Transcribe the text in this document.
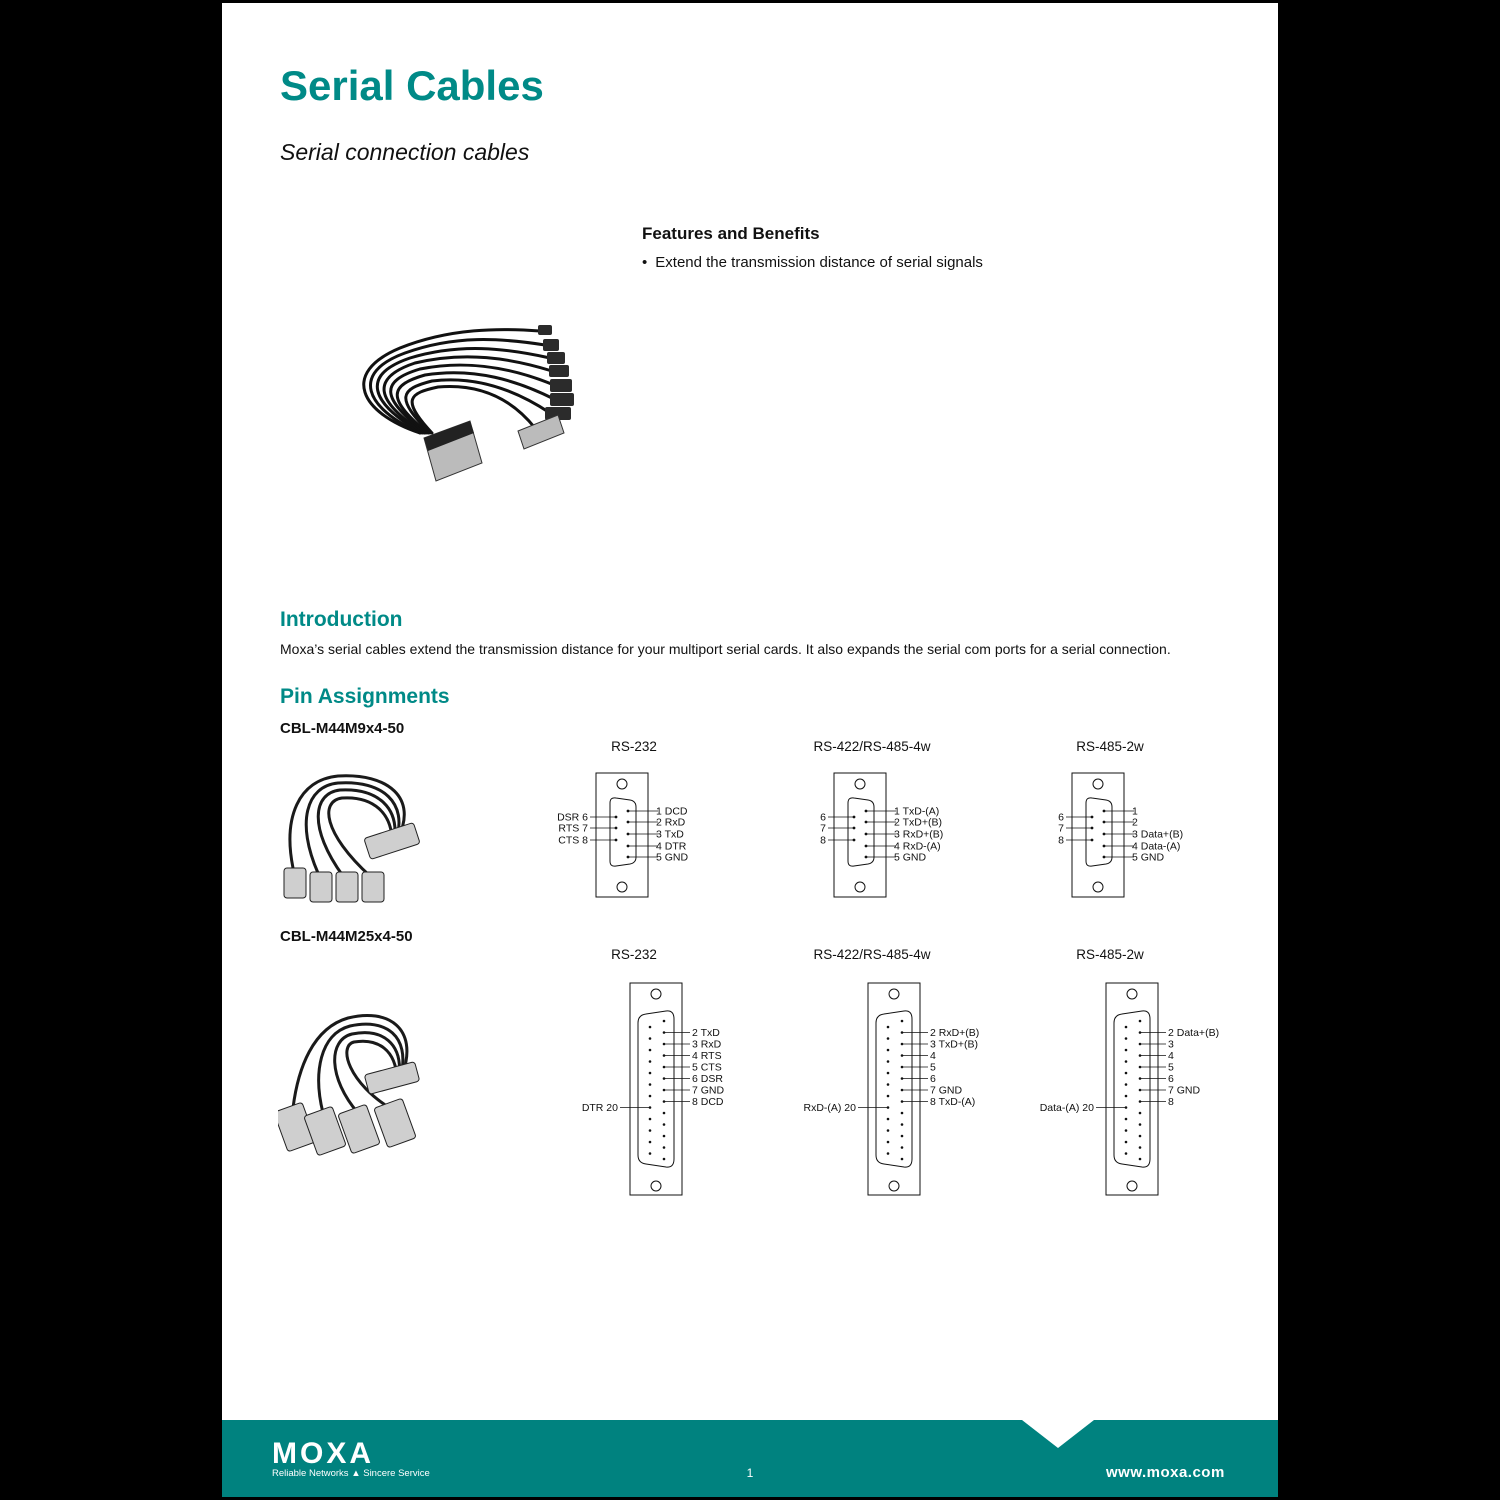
Serial Cables
Serial connection cables
Features and Benefits
• Extend the transmission distance of serial signals
Introduction
Moxa’s serial cables extend the transmission distance for your multiport serial cards. It also expands the serial com ports for a serial connection.
Pin Assignments
CBL-M44M9x4-50
CBL-M44M25x4-50
RS-232	RS-422/RS-485-4w	RS-485-2w
RS-232	RS-422/RS-485-4w	RS-485-2w
1 DCD
2 RxD
3 TxD
4 DTR
5 GND
DSR 6
RTS 7
CTS 8
1 TxD-(A)
2 TxD+(B)
3 RxD+(B)
4 RxD-(A)
5 GND
6
7
8
1
2
3 Data+(B)
4 Data-(A)
5 GND
6
7
8
2 TxD
3 RxD
4 RTS
5 CTS
6 DSR
7 GND
8 DCD
DTR 20
2 RxD+(B)
3 TxD+(B)
4
5
6
7 GND
8 TxD-(A)
RxD-(A) 20
2 Data+(B)
3
4
5
6
7 GND
8
Data-(A) 20
MOXA
Reliable Networks ▲ Sincere Service	1	www.moxa.com
